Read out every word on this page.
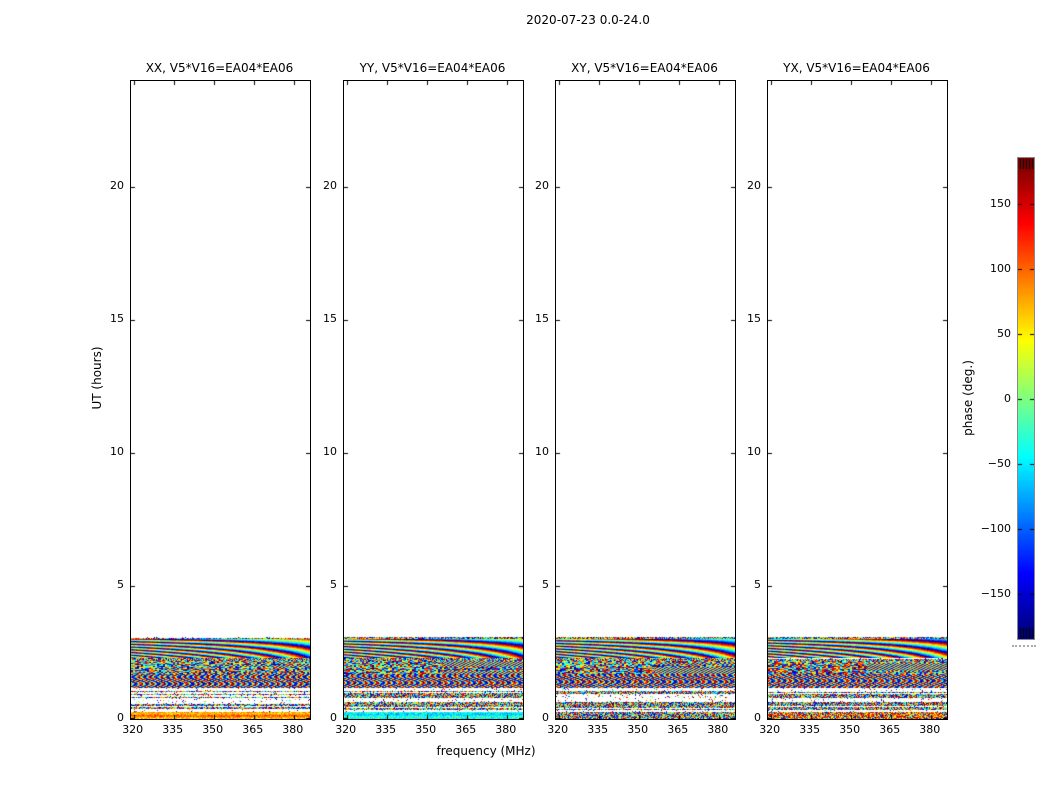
2020-07-23 0.0-24.0
XX, V5*V16=EA04*EA06
0
5
10
15
20
320	335	350	365	380
YY, V5*V16=EA04*EA06
0
5
10
15
20
320	335	350	365	380
XY, V5*V16=EA04*EA06
0
5
10
15
20
320	335	350	365	380
YX, V5*V16=EA04*EA06
0
5
10
15
20
320	335	350	365	380
UT (hours)
frequency (MHz)
phase (deg.)
150
100
50
0
−50
−100
−150
